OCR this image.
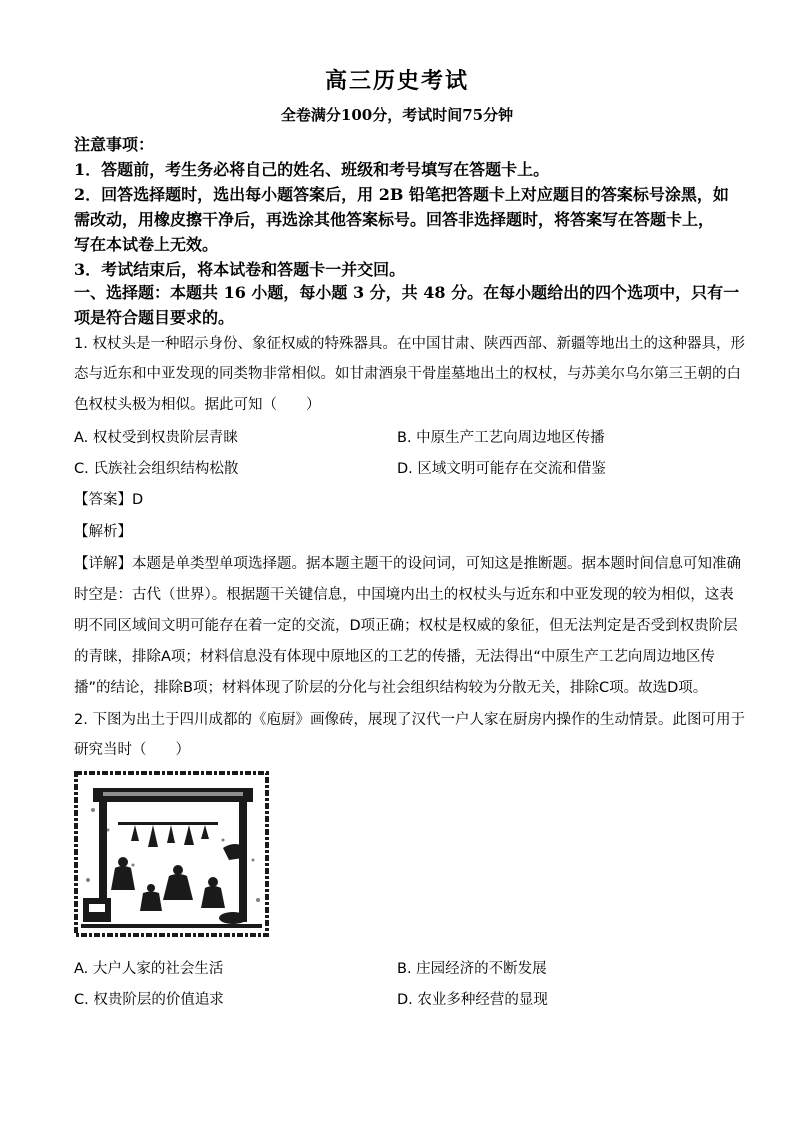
高三历史考试
全卷满分100分，考试时间75分钟
注意事项：
1．答题前，考生务必将自己的姓名、班级和考号填写在答题卡上。
2．回答选择题时，选出每小题答案后，用 2B 铅笔把答题卡上对应题目的答案标号涂黑，如
需改动，用橡皮擦干净后，再选涂其他答案标号。回答非选择题时，将答案写在答题卡上，
写在本试卷上无效。
3．考试结束后，将本试卷和答题卡一并交回。
一、选择题：本题共 16 小题，每小题 3 分，共 48 分。在每小题给出的四个选项中，只有一
项是符合题目要求的。
1. 权杖头是一种昭示身份、象征权威的特殊器具。在中国甘肃、陕西西部、新疆等地出土的这种器具，形
态与近东和中亚发现的同类物非常相似。如甘肃酒泉干骨崖墓地出土的权杖，与苏美尔乌尔第三王朝的白
色权杖头极为相似。据此可知（　　）
A. 权杖受到权贵阶层青睐	B. 中原生产工艺向周边地区传播
C. 氏族社会组织结构松散	D. 区域文明可能存在交流和借鉴
【答案】D
【解析】
【详解】本题是单类型单项选择题。据本题主题干的设问词，可知这是推断题。据本题时间信息可知准确
时空是：古代（世界）。根据题干关键信息，中国境内出土的权杖头与近东和中亚发现的较为相似，这表
明不同区域间文明可能存在着一定的交流，D项正确；权杖是权威的象征，但无法判定是否受到权贵阶层
的青睐，排除A项；材料信息没有体现中原地区的工艺的传播，无法得出“中原生产工艺向周边地区传
播”的结论，排除B项；材料体现了阶层的分化与社会组织结构较为分散无关，排除C项。故选D项。
2. 下图为出土于四川成都的《庖厨》画像砖，展现了汉代一户人家在厨房内操作的生动情景。此图可用于
研究当时（　　）
A. 大户人家的社会生活	B. 庄园经济的不断发展
C. 权贵阶层的价值追求	D. 农业多种经营的显现
